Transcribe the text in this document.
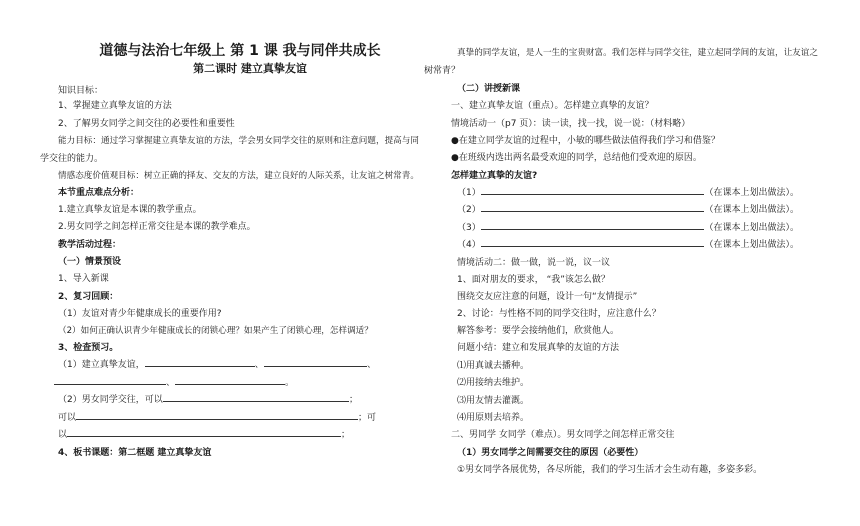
道德与法治七年级上 第 1 课 我与同伴共成长
第二课时 建立真挚友谊
知识目标：
1、掌握建立真挚友谊的方法
2、了解男女同学之间交往的必要性和重要性
能力目标：通过学习掌握建立真挚友谊的方法，学会男女同学交往的原则和注意问题，提高与同
学交往的能力。
情感态度价值观目标：树立正确的择友、交友的方法，建立良好的人际关系，让友谊之树常青。
本节重点难点分析：
1.建立真挚友谊是本课的教学重点。
2.男女同学之间怎样正常交往是本课的教学难点。
教学活动过程：
（一）情景预设
1、导入新课
2、复习回顾：
（1）友谊对青少年健康成长的重要作用?
（2）如何正确认识青少年健康成长的闭锁心理？如果产生了闭锁心理，怎样调适？
3、检查预习。
（1）建立真挚友谊，	、	、
、	。
（2）男女同学交往，可以	；
可以	；可
以	；
4、板书课题：第二框题 建立真挚友谊
真挚的同学友谊，是人一生的宝贵财富。我们怎样与同学交往，建立起同学间的友谊，让友谊之
树常青？
（二）讲授新课
一、建立真挚友谊（重点）。怎样建立真挚的友谊？
情境活动一（p7 页）：读一读，找一找，说一说：（材料略）
●在建立同学友谊的过程中，小敏的哪些做法值得我们学习和借鉴？
●在班级内选出两名最受欢迎的同学，总结他们受欢迎的原因。
怎样建立真挚的友谊?
（1）	（在课本上划出做法）。
（2）	（在课本上划出做法）。
（3）	（在课本上划出做法）。
（4）	（在课本上划出做法）。
情境活动二：做一做，说一说，议一议
1、面对朋友的要求， “我”该怎么做？
围绕交友应注意的问题，设计一句“友情提示”
2、讨论：与性格不同的同学交往时，应注意什么？
解答参考：要学会接纳他们，欣赏他人。
问题小结：建立和发展真挚的友谊的方法
⑴用真诚去播种。
⑵用接纳去维护。
⑶用友情去灌溉。
⑷用原则去培养。
二、男同学 女同学（难点）。男女同学之间怎样正常交往
（1）男女同学之间需要交往的原因（必要性）
①男女同学各展优势，各尽所能，我们的学习生活才会生动有趣，多姿多彩。
